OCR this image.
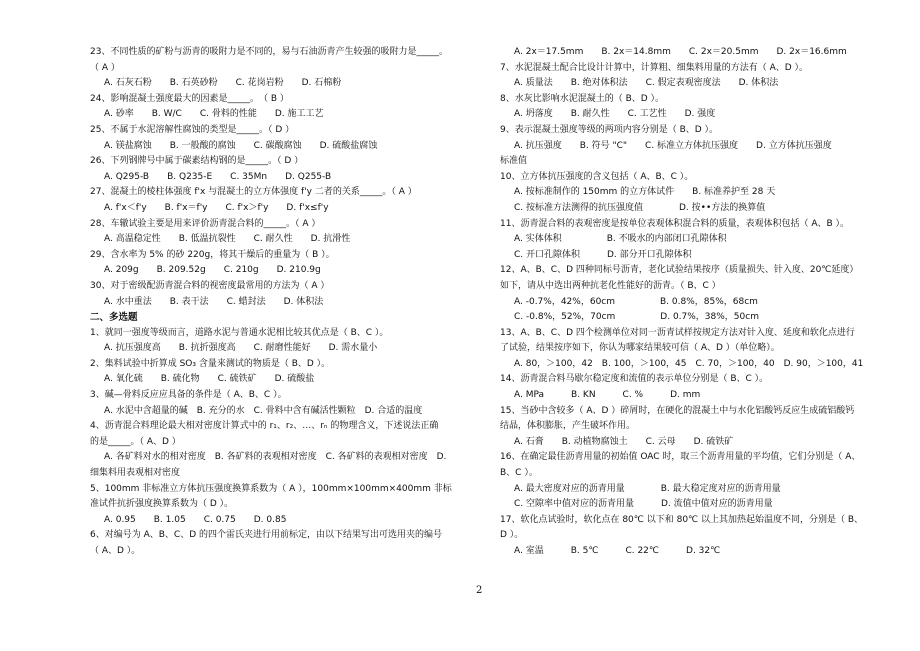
23、不同性质的矿粉与沥青的吸附力是不同的，易与石油沥青产生较强的吸附力是_____。
（ A ）
A. 石灰石粉　　B. 石英砂粉　　C. 花岗岩粉　　D. 石棉粉
24、影响混凝土强度最大的因素是_____。　（ B ）
A. 砂率　　B. W/C　　C. 骨料的性能　　D. 施工工艺
25、不属于水泥溶解性腐蚀的类型是_____。（ D ）
A. 镁盐腐蚀　　B. 一般酸的腐蚀　　C. 碳酸腐蚀　　D. 硫酸盐腐蚀
26、下列钢牌号中属于碳素结构钢的是_____。（ D ）
A. Q295-B　　B. Q235-E　　C. 35Mn　　D. Q255-B
27、混凝土的棱柱体强度 f'x 与混凝土的立方体强度 f'y 二者的关系_____。（ A ）
A. f'x＜f'y　　B. f'x＝f'y　　C. f'x＞f'y　　D. f'x≤f'y
28、车辙试验主要是用来评价沥青混合料的_____。（ A ）
A. 高温稳定性　　B. 低温抗裂性　　C. 耐久性　　D. 抗滑性
29、含水率为 5% 的砂 220g，将其干燥后的重量为（ B ）。
A. 209g　　B. 209.52g　　C. 210g　　D. 210.9g
30、对于密级配沥青混合料的视密度最常用的方法为（ A ）
A. 水中重法　　B. 表干法　　C. 蜡封法　　D. 体积法
二、多选题
1、就同一强度等级而言，道路水泥与普通水泥相比较其优点是（ B、C ）。
A. 抗压强度高　　B. 抗折强度高　　C. 耐磨性能好　　D. 需水量小
2、集料试验中折算成 SO₃ 含量来测试的物质是（ B、D ）。
A. 氧化硫　　B. 硫化物　　C. 硫铁矿　　D. 硫酸盐
3、碱—骨料反应应具备的条件是（ A、B、C ）。
A. 水泥中含超量的碱　B. 充分的水　C. 骨料中含有碱活性颗粒　D. 合适的温度
4、沥青混合料理论最大相对密度计算式中的 r₁、r₂、…、rₙ 的物理含义，下述说法正确
的是_____。（ A、D ）
A. 各矿料对水的相对密度　B. 各矿料的表观相对密度　C. 各矿料的表观相对密度　D.
细集料用表观相对密度
5、100mm 非标准立方体抗压强度换算系数为（ A ），100mm×100mm×400mm 非标
准试件抗折强度换算系数为（ D ）。
A. 0.95　　B. 1.05　　C. 0.75　　D. 0.85
6、对编号为 A、B、C、D 的四个雷氏夹进行用前标定，由以下结果写出可选用夹的编号
（ A、D ）。
A. 2x＝17.5mm　　B. 2x＝14.8mm　　C. 2x＝20.5mm　　D. 2x＝16.6mm
7、水泥混凝土配合比设计计算中，计算粗、细集料用量的方法有（ A、D ）。
A. 质量法　　B. 绝对体积法　　C. 假定表观密度法　　D. 体积法
8、水灰比影响水泥混凝土的（ B、D ）。
A. 坍落度　　B. 耐久性　　C. 工艺性　　D. 强度
9、表示混凝土强度等级的两项内容分别是（ B、D ）。
A. 抗压强度　　B. 符号 "C"　　C. 标准立方体抗压强度　　D. 立方体抗压强度
标准值
10、立方体抗压强度的含义包括（ A、B、C ）。
A. 按标准制作的 150mm 的立方体试件　　B. 标准养护至 28 天
C. 按标准方法测得的抗压强度值　　　　D. 按••方法的换算值
11、沥青混合料的表观密度是按单位表观体积混合料的质量，表观体积包括（ A、B ）。
A. 实体体积　　　　　B. 不吸水的内部闭口孔隙体积
C. 开口孔隙体积　　　D. 部分开口孔隙体积
12、A、B、C、D 四种同标号沥青，老化试验结果按序（质量损失、针入度、20℃延度）
如下，请从中选出两种抗老化性能好的沥青。（ B、C ）
A. -0.7%，42%，60cm　　　　　B. 0.8%，85%，68cm
C. -0.8%，52%，70cm　　　　　D. 0.7%，38%，50cm
13、A、B、C、D 四个检测单位对同一沥青试样按规定方法对针入度、延度和软化点进行
了试验，结果按序如下，你认为哪家结果较可信（ A、D ）（单位略）。
A. 80，＞100，42　B. 100，＞100，45　C. 70，＞100，40　D. 90，＞100，41
14、沥青混合料马歇尔稳定度和流值的表示单位分别是（ B、C ）。
A. MPa　　　B. KN　　　C. %　　　D. mm
15、当砂中含较多（ A、D ）碎屑时，在硬化的混凝土中与水化铝酸钙反应生成硫铝酸钙
结晶，体积膨胀，产生破坏作用。
A. 石膏　　B. 动植物腐蚀土　　C. 云母　　D. 硫铁矿
16、在确定最佳沥青用量的初始值 OAC 时，取三个沥青用量的平均值，它们分别是（ A、
B、C ）。
A. 最大密度对应的沥青用量　　　　B. 最大稳定度对应的沥青用量
C. 空隙率中值对应的沥青用量　　　D. 流值中值对应的沥青用量
17、软化点试验时，软化点在 80℃ 以下和 80℃ 以上其加热起始温度不同，分别是（ B、
D ）。
A. 室温　　　B. 5℃　　　C. 22℃　　　D. 32℃
2
